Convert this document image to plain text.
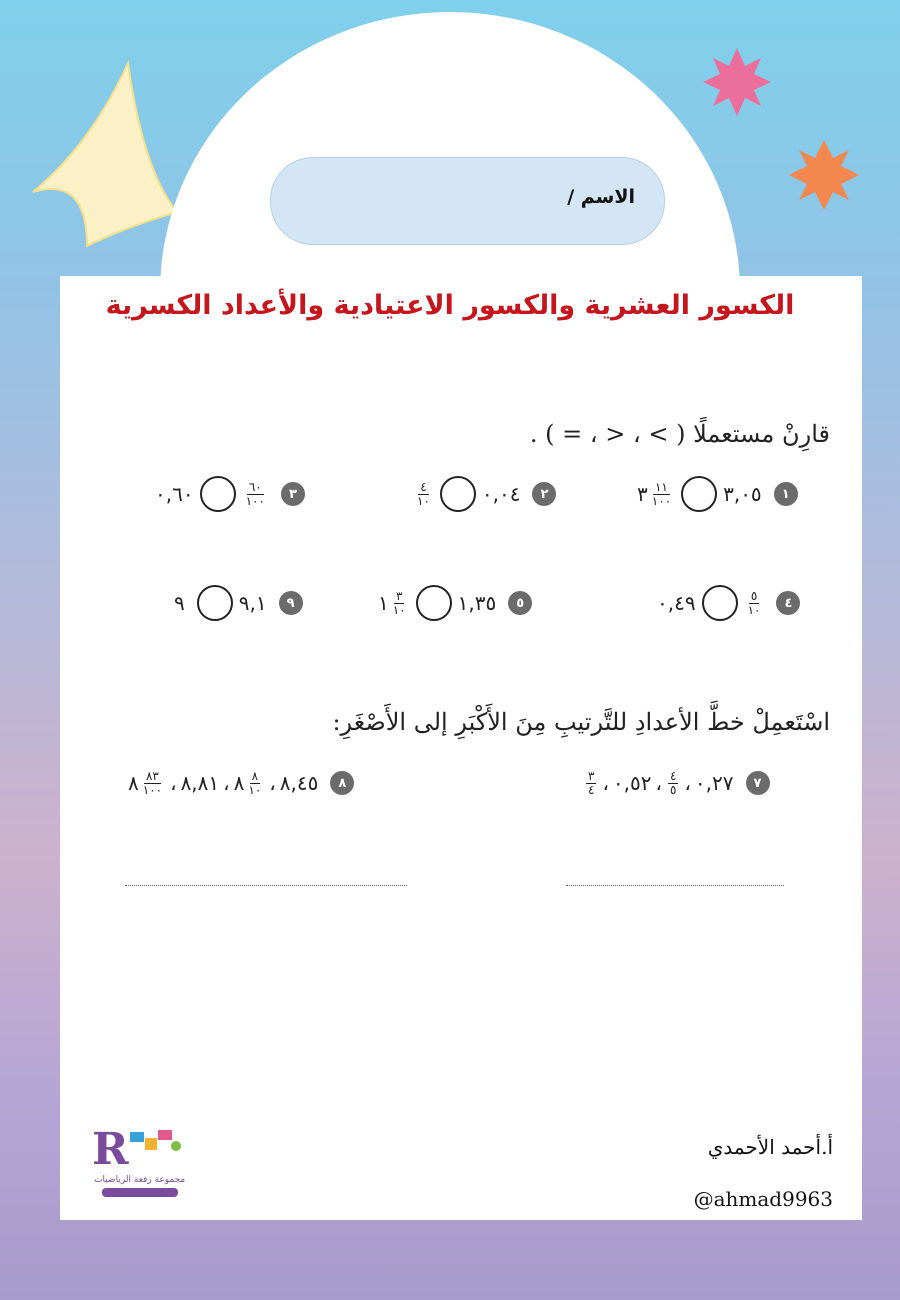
الاسم /
الكسور العشرية والكسور الاعتيادية والأعداد الكسرية
قارِنْ مستعملًا ( > ، < ، = ) .
٠,٦٠	$\frac{٦٠}{١٠٠}$	٣	$\frac{٤}{١٠}$	٠,٠٤	٢	٣ $\frac{١١}{١٠٠}$	٣,٠٥	١
٩	٩,١	٩	١ $\frac{٣}{١٠}$	١,٣٥	٥	٠,٤٩	$\frac{٥}{١٠}$	٤
اسْتَعمِلْ خطَّ الأعدادِ للتَّرتيبِ مِنَ الأَكْبَرِ إلى الأَصْغَرِ:
٨ $\frac{٨٣}{١٠٠}$ ، ٨,٨١ ، ٨ $\frac{٨}{١٠}$ ، ٨,٤٥	٨	$\frac{٣}{٤}$ ، ٠,٥٢ ، $\frac{٤}{٥}$ ، ٠,٢٧	٧
R
مجموعة رفعة الرياضيات
أ.أحمد الأحمدي
@ahmad9963
